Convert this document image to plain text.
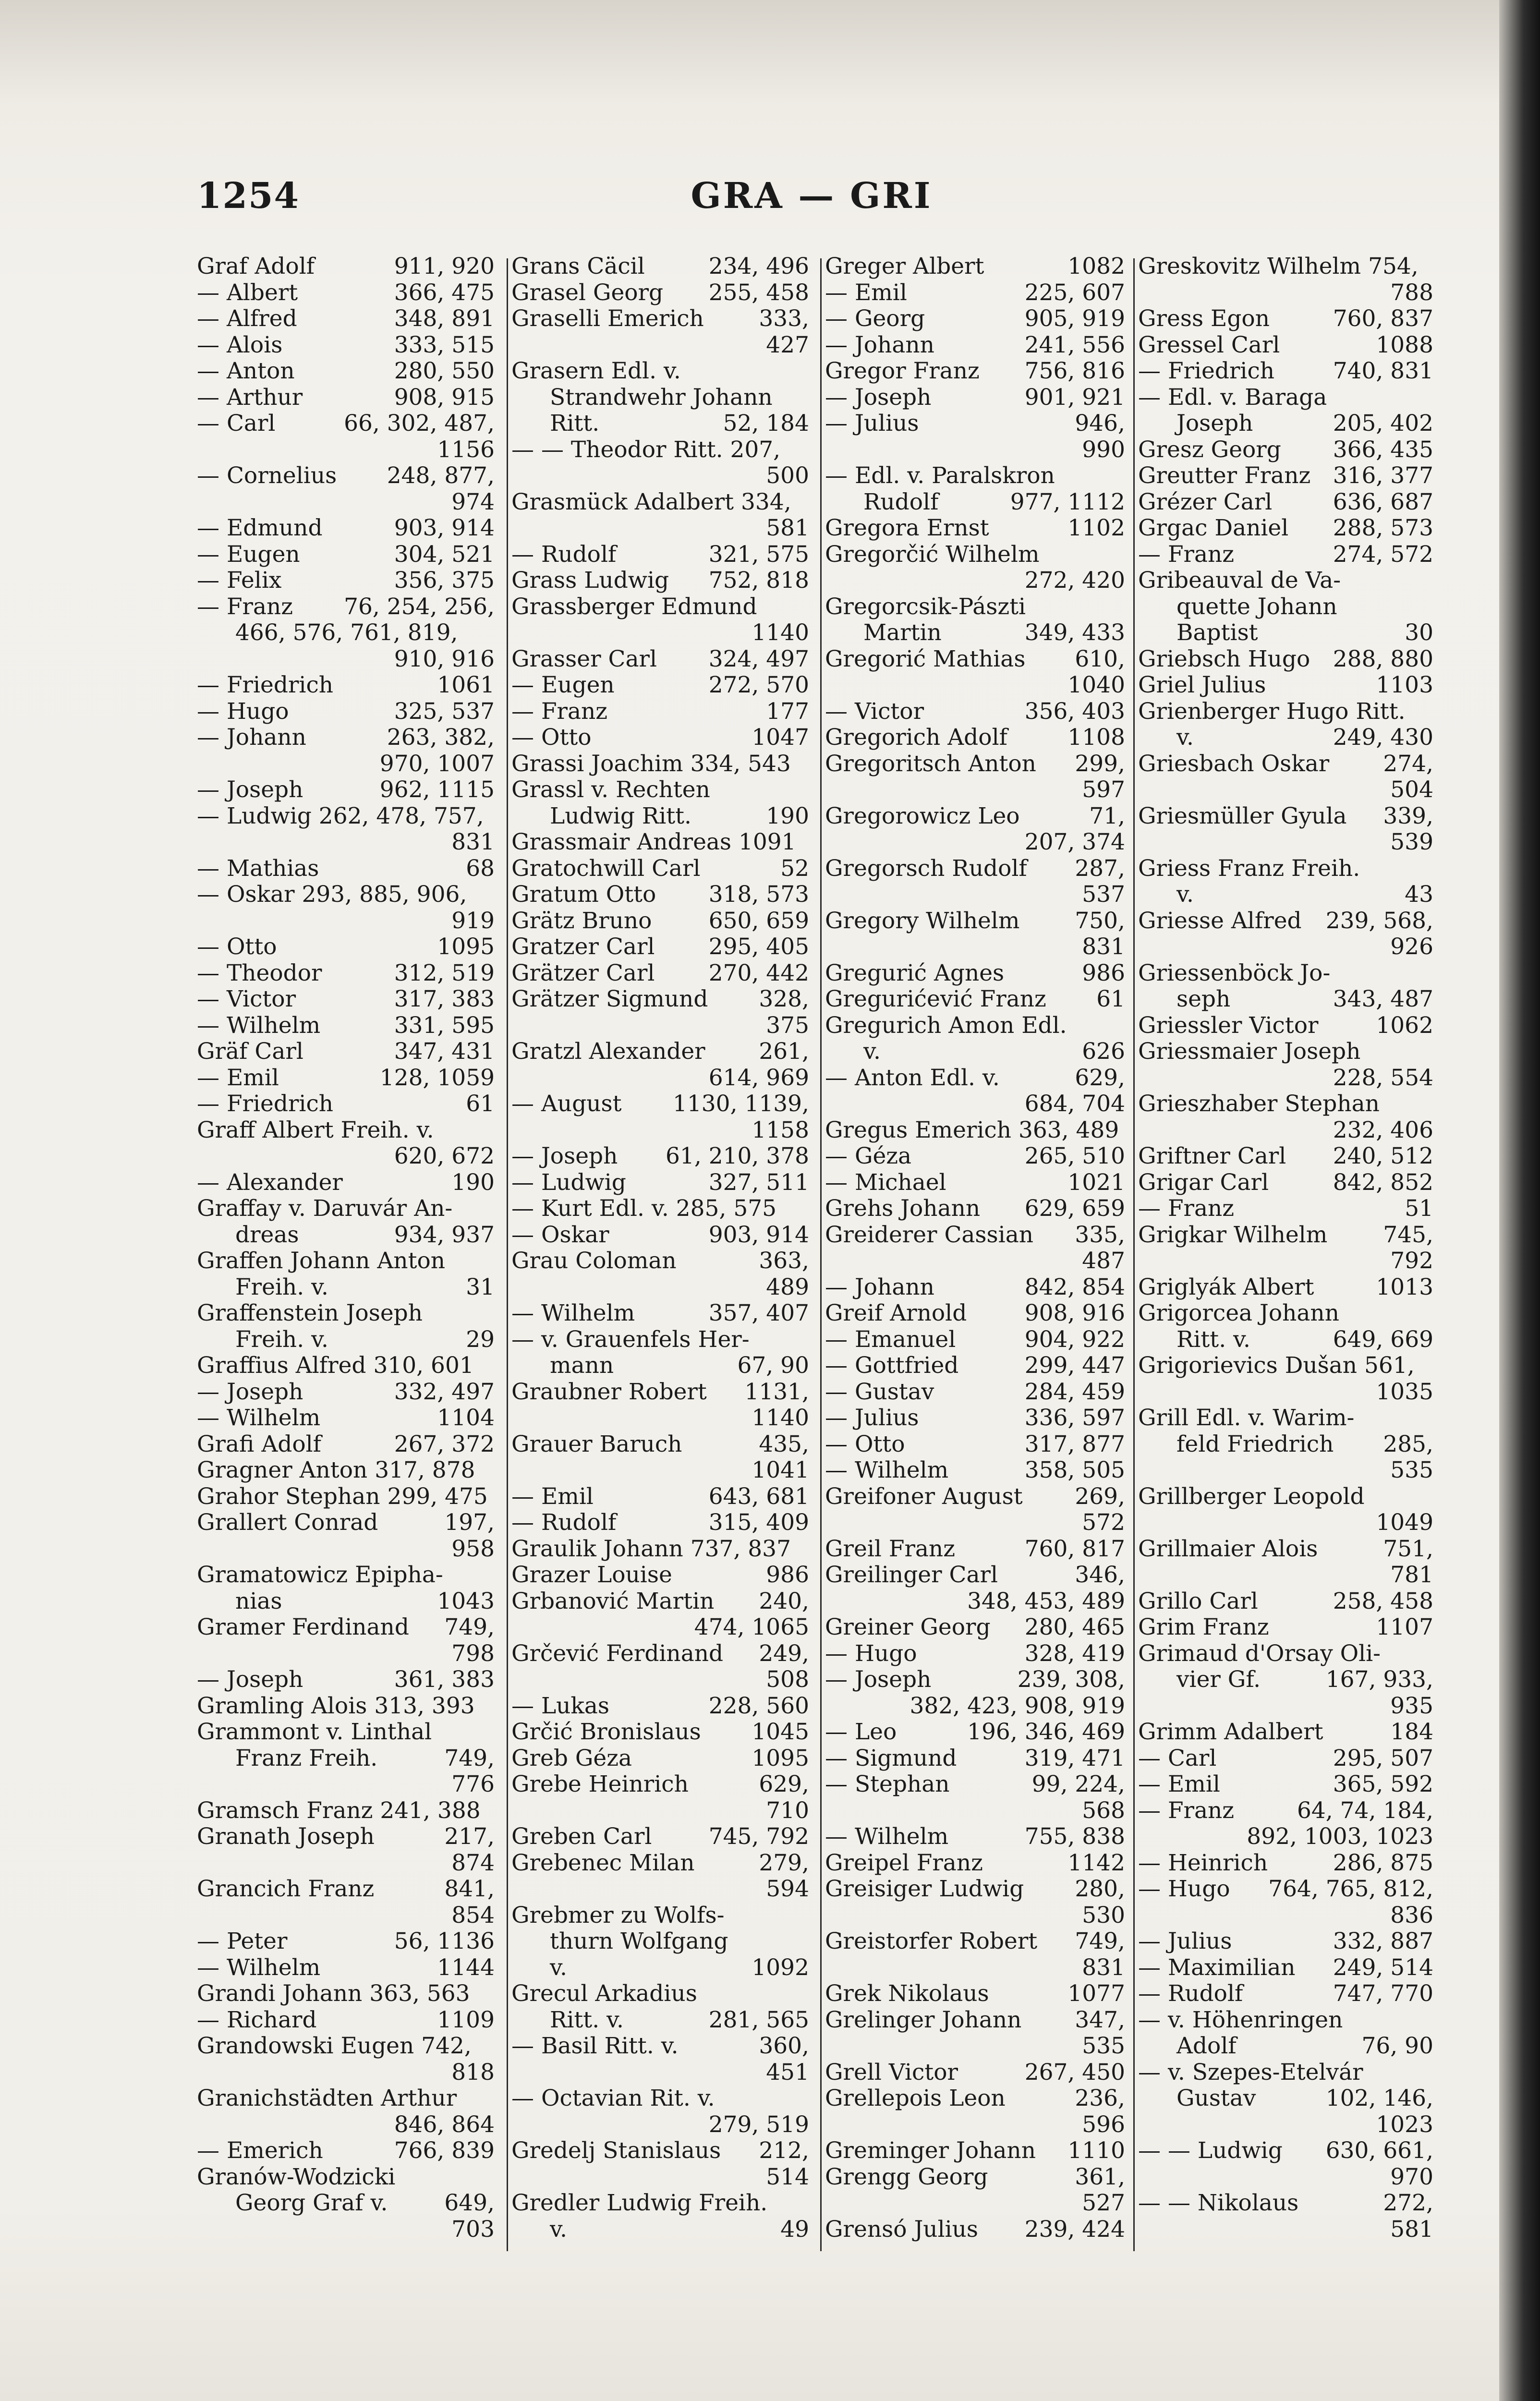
1254	GRA — GRI
Graf Adolf	911, 920
— Albert	366, 475
— Alfred	348, 891
— Alois	333, 515
— Anton	280, 550
— Arthur	908, 915
— Carl	66, 302, 487,
1156
— Cornelius 248, 877,
974
— Edmund	903, 914
— Eugen	304, 521
— Felix	356, 375
— Franz 76, 254, 256,
466, 576, 761, 819,
910, 916
— Friedrich	1061
— Hugo	325, 537
— Johann	263, 382,
970, 1007
— Joseph	962, 1115
— Ludwig 262, 478, 757,
831
— Mathias	68
— Oskar 293, 885, 906,
919
— Otto	1095
— Theodor	312, 519
— Victor	317, 383
— Wilhelm	331, 595
Gräf Carl	347, 431
— Emil	128, 1059
— Friedrich	61
Graff Albert Freih. v.
620, 672
— Alexander	190
Graffay v. Daruvár An-
dreas	934, 937
Graffen Johann Anton
Freih. v.	31
Graffenstein Joseph
Freih. v.	29
Graffius Alfred 310, 601
— Joseph	332, 497
— Wilhelm	1104
Grafi Adolf	267, 372
Gragner Anton 317, 878
Grahor Stephan 299, 475
Grallert Conrad	197,
958
Gramatowicz Epipha-
nias	1043
Gramer Ferdinand 749,
798
— Joseph	361, 383
Gramling Alois 313, 393
Grammont v. Linthal
Franz Freih.	749,
776
Gramsch Franz 241, 388
Granath Joseph	217,
874
Grancich Franz	841,
854
— Peter	56, 1136
— Wilhelm	1144
Grandi Johann 363, 563
— Richard	1109
Grandowski Eugen 742,
818
Granichstädten Arthur
846, 864
— Emerich	766, 839
Granów-Wodzicki
Georg Graf v.	649,
703
Grans Cäcil	234, 496
Grasel Georg 255, 458
Graselli Emerich 333,
427
Grasern Edl. v.
Strandwehr Johann
Ritt.	52, 184
— — Theodor Ritt. 207,
500
Grasmück Adalbert 334,
581
— Rudolf	321, 575
Grass Ludwig 752, 818
Grassberger Edmund
1140
Grasser Carl 324, 497
— Eugen	272, 570
— Franz	177
— Otto	1047
Grassi Joachim 334, 543
Grassl v. Rechten
Ludwig Ritt.	190
Grassmair Andreas 1091
Gratochwill Carl	52
Gratum Otto 318, 573
Grätz Bruno	650, 659
Gratzer Carl 295, 405
Grätzer Carl 270, 442
Grätzer Sigmund 328,
375
Gratzl Alexander 261,
614, 969
— August 1130, 1139,
1158
— Joseph 61, 210, 378
— Ludwig	327, 511
— Kurt Edl. v. 285, 575
— Oskar	903, 914
Grau Coloman	363,
489
— Wilhelm	357, 407
— v. Grauenfels Her-
mann	67, 90
Graubner Robert 1131,
1140
Grauer Baruch	435,
1041
— Emil	643, 681
— Rudolf	315, 409
Graulik Johann 737, 837
Grazer Louise	986
Grbanović Martin 240,
474, 1065
Grčević Ferdinand 249,
508
— Lukas	228, 560
Grčić Bronislaus 1045
Greb Géza	1095
Grebe Heinrich	629,
710
Greben Carl	745, 792
Grebenec Milan	279,
594
Grebmer zu Wolfs-
thurn Wolfgang
v.	1092
Grecul Arkadius
Ritt. v.	281, 565
— Basil Ritt. v.	360,
451
— Octavian Rit. v.
279, 519
Gredelj Stanislaus 212,
514
Gredler Ludwig Freih.
v.	49
Greger Albert	1082
— Emil	225, 607
— Georg	905, 919
— Johann	241, 556
Gregor Franz 756, 816
— Joseph	901, 921
— Julius	946,
990
— Edl. v. Paralskron
Rudolf	977, 1112
Gregora Ernst	1102
Gregorčić Wilhelm
272, 420
Gregorcsik-Pászti
Martin	349, 433
Gregorić Mathias 610,
1040
— Victor	356, 403
Gregorich Adolf	1108
Gregoritsch Anton 299,
597
Gregorowicz Leo	71,
207, 374
Gregorsch Rudolf 287,
537
Gregory Wilhelm 750,
831
Gregurić Agnes	986
Gregurićević Franz 61
Gregurich Amon Edl.
v.	626
— Anton Edl. v.	629,
684, 704
Gregus Emerich 363, 489
— Géza	265, 510
— Michael	1021
Grehs Johann 629, 659
Greiderer Cassian 335,
487
— Johann	842, 854
Greif Arnold	908, 916
— Emanuel	904, 922
— Gottfried	299, 447
— Gustav	284, 459
— Julius	336, 597
— Otto	317, 877
— Wilhelm	358, 505
Greifoner August 269,
572
Greil Franz	760, 817
Greilinger Carl	346,
348, 453, 489
Greiner Georg 280, 465
— Hugo	328, 419
— Joseph	239, 308,
382, 423, 908, 919
— Leo	196, 346, 469
— Sigmund	319, 471
— Stephan	99, 224,
568
— Wilhelm	755, 838
Greipel Franz	1142
Greisiger Ludwig 280,
530
Greistorfer Robert 749,
831
Grek Nikolaus	1077
Grelinger Johann 347,
535
Grell Victor	267, 450
Grellepois Leon	236,
596
Greminger Johann 1110
Grengg Georg	361,
527
Grensó Julius 239, 424
Greskovitz Wilhelm 754,
788
Gress Egon	760, 837
Gressel Carl	1088
— Friedrich	740, 831
— Edl. v. Baraga
Joseph	205, 402
Gresz Georg 366, 435
Greutter Franz 316, 377
Grézer Carl	636, 687
Grgac Daniel 288, 573
— Franz	274, 572
Gribeauval de Va-
quette Johann
Baptist	30
Griebsch Hugo 288, 880
Griel Julius	1103
Grienberger Hugo Ritt.
v.	249, 430
Griesbach Oskar 274,
504
Griesmüller Gyula 339,
539
Griess Franz Freih.
v.	43
Griesse Alfred 239, 568,
926
Griessenböck Jo-
seph	343, 487
Griessler Victor	1062
Griessmaier Joseph
228, 554
Grieszhaber Stephan
232, 406
Griftner Carl 240, 512
Grigar Carl	842, 852
— Franz	51
Grigkar Wilhelm 745,
792
Griglyák Albert	1013
Grigorcea Johann
Ritt. v.	649, 669
Grigorievics Dušan 561,
1035
Grill Edl. v. Warim-
feld Friedrich 285,
535
Grillberger Leopold
1049
Grillmaier Alois	751,
781
Grillo Carl	258, 458
Grim Franz	1107
Grimaud d'Orsay Oli-
vier Gf.	167, 933,
935
Grimm Adalbert	184
— Carl	295, 507
— Emil	365, 592
— Franz	64, 74, 184,
892, 1003, 1023
— Heinrich	286, 875
— Hugo 764, 765, 812,
836
— Julius	332, 887
— Maximilian 249, 514
— Rudolf	747, 770
— v. Höhenringen
Adolf	76, 90
— v. Szepes-Etelvár
Gustav	102, 146,
1023
— — Ludwig 630, 661,
970
— — Nikolaus	272,
581
